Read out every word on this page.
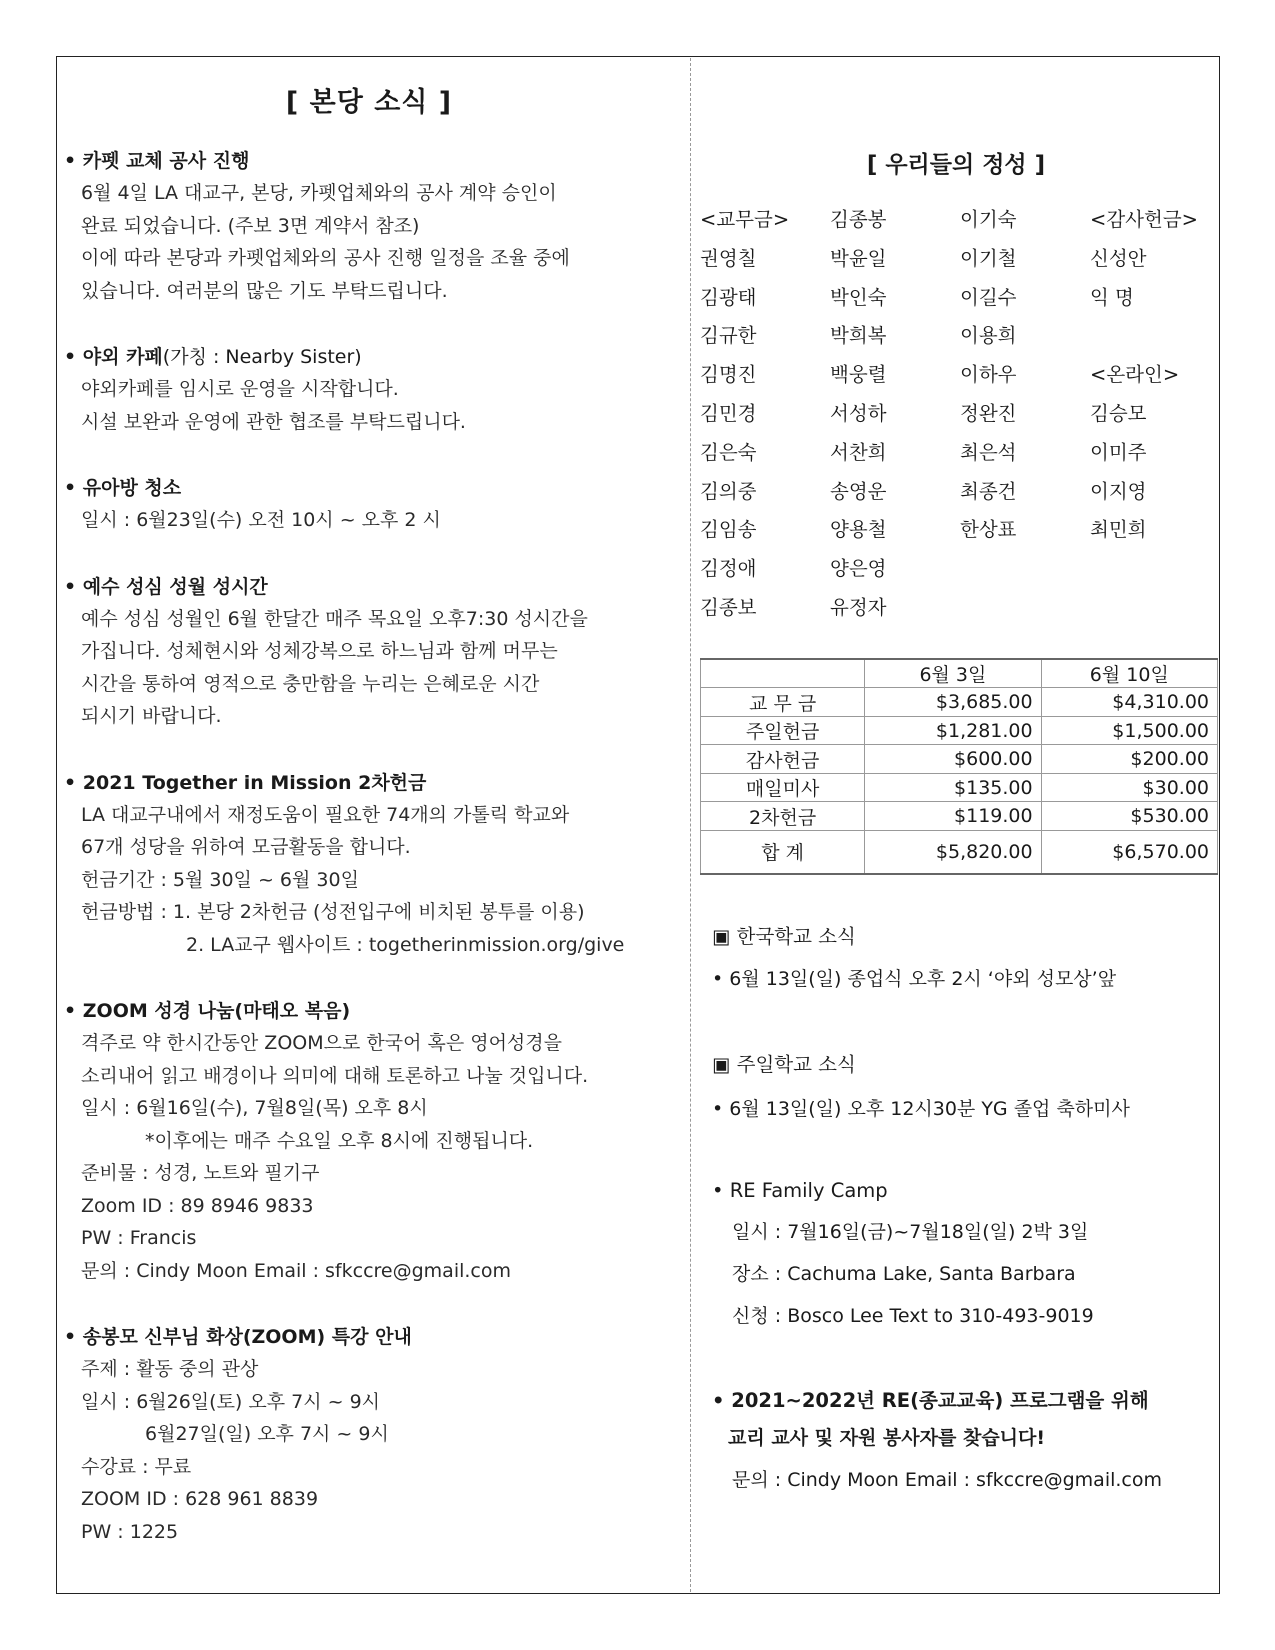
[ 본당 소식 ]
• 카펫 교체 공사 진행
6월 4일 LA 대교구, 본당, 카펫업체와의 공사 계약 승인이
완료 되었습니다. (주보 3면 계약서 참조)
이에 따라 본당과 카펫업체와의 공사 진행 일정을 조율 중에
있습니다. 여러분의 많은 기도 부탁드립니다.
• 야외 카페(가칭 : Nearby Sister)
야외카페를 임시로 운영을 시작합니다.
시설 보완과 운영에 관한 협조를 부탁드립니다.
• 유아방 청소
일시 : 6월23일(수) 오전 10시 ~ 오후 2 시
• 예수 성심 성월 성시간
예수 성심 성월인 6월 한달간 매주 목요일 오후7:30 성시간을
가집니다. 성체현시와 성체강복으로 하느님과 함께 머무는
시간을 통하여 영적으로 충만함을 누리는 은혜로운 시간
되시기 바랍니다.
• 2021 Together in Mission 2차헌금
LA 대교구내에서 재정도움이 필요한 74개의 가톨릭 학교와
67개 성당을 위하여 모금활동을 합니다.
헌금기간 : 5월 30일 ~ 6월 30일
헌금방법 : 1. 본당 2차헌금 (성전입구에 비치된 봉투를 이용)
2. LA교구 웹사이트 : togetherinmission.org/give
• ZOOM 성경 나눔(마태오 복음)
격주로 약 한시간동안 ZOOM으로 한국어 혹은 영어성경을
소리내어 읽고 배경이나 의미에 대해 토론하고 나눌 것입니다.
일시 : 6월16일(수), 7월8일(목) 오후 8시
*이후에는 매주 수요일 오후 8시에 진행됩니다.
준비물 : 성경, 노트와 필기구
Zoom ID : 89 8946 9833
PW : Francis
문의 : Cindy Moon Email : sfkccre@gmail.com
• 송봉모 신부님 화상(ZOOM) 특강 안내
주제 : 활동 중의 관상
일시 : 6월26일(토) 오후 7시 ~ 9시
6월27일(일) 오후 7시 ~ 9시
수강료 : 무료
ZOOM ID : 628 961 8839
PW : 1225
[ 우리들의 정성 ]
<교무금>	김종봉	이기숙	<감사헌금>
권영칠	박윤일	이기철	신성안
김광태	박인숙	이길수	익 명
김규한	박희복	이용희
김명진	백웅렬	이하우	<온라인>
김민경	서성하	정완진	김승모
김은숙	서찬희	최은석	이미주
김의중	송영운	최종건	이지영
김임송	양용철	한상표	최민희
김정애	양은영
김종보	유정자
	6월 3일	6월 10일
교 무 금	$3,685.00	$4,310.00
주일헌금	$1,281.00	$1,500.00
감사헌금	$600.00	$200.00
매일미사	$135.00	$30.00
2차헌금	$119.00	$530.00
합 계	$5,820.00	$6,570.00
▣ 한국학교 소식
• 6월 13일(일) 종업식 오후 2시 ‘야외 성모상’앞
▣ 주일학교 소식
• 6월 13일(일) 오후 12시30분 YG 졸업 축하미사
• RE Family Camp
일시 : 7월16일(금)~7월18일(일) 2박 3일
장소 : Cachuma Lake, Santa Barbara
신청 : Bosco Lee Text to 310-493-9019
• 2021~2022년 RE(종교교육) 프로그램을 위해
교리 교사 및 자원 봉사자를 찾습니다!
문의 : Cindy Moon Email : sfkccre@gmail.com
